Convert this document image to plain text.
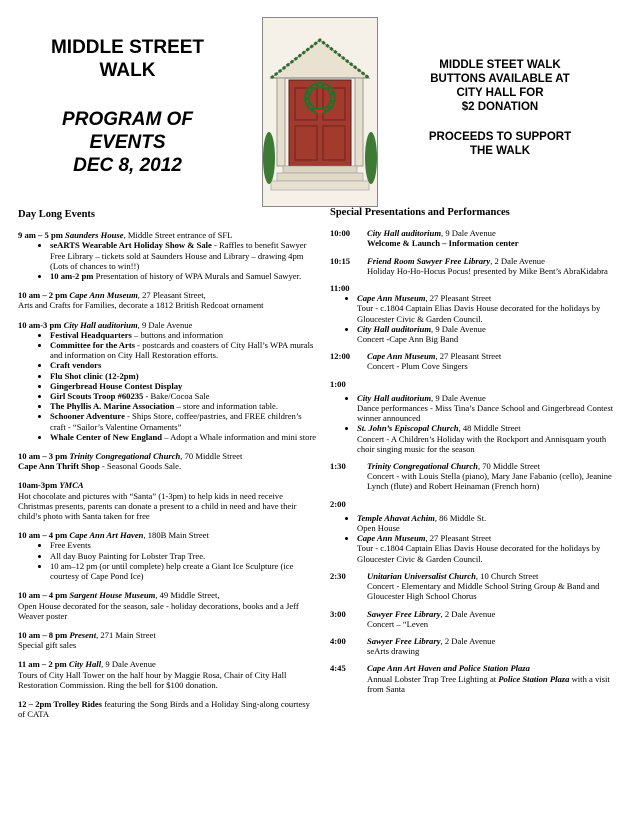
MIDDLE STREET
WALK
PROGRAM OF
EVENTS
DEC 8, 2012
MIDDLE STEET WALK
BUTTONS AVAILABLE AT
CITY HALL FOR
$2 DONATION
PROCEEDS TO SUPPORT
THE WALK
Day Long Events
9 am – 5 pm Saunders House, Middle Street entrance of SFL
• seARTS Wearable Art Holiday Show & Sale - Raffles to benefit Sawyer Free Library – tickets sold at Saunders House and Library – drawing 4pm (Lots of chances to win!!)
• 10 am-2 pm Presentation of history of WPA Murals and Samuel Sawyer.
10 am – 2 pm Cape Ann Museum, 27 Pleasant Street,
Arts and Crafts for Families, decorate a 1812 British Redcoat ornament
10 am-3 pm City Hall auditorium, 9 Dale Avenue
• Festival Headquarters – buttons and information
• Committee for the Arts - postcards and coasters of City Hall’s WPA murals and information on City Hall Restoration efforts.
• Craft vendors
• Flu Shot clinic (12-2pm)
• Gingerbread House Contest Display
• Girl Scouts Troop #60235 - Bake/Cocoa Sale
• The Phyllis A. Marine Association – store and information table.
• Schooner Adventure - Ships Store, coffee/pastries, and FREE children’s craft - “Sailor’s Valentine Ornaments”
• Whale Center of New England – Adopt a Whale information and mini store
10 am – 3 pm Trinity Congregational Church, 70 Middle Street
Cape Ann Thrift Shop - Seasonal Goods Sale.
10am-3pm YMCA
Hot chocolate and pictures with “Santa” (1-3pm) to help kids in need receive Christmas presents, parents can donate a present to a child in need and have their child’s photo with Santa taken for free
10 am – 4 pm Cape Ann Art Haven, 180B Main Street
• Free Events
• All day Buoy Painting for Lobster Trap Tree.
• 10 am–12 pm (or until complete) help create a Giant Ice Sculpture (ice courtesy of Cape Pond Ice)
10 am – 4 pm Sargent House Museum, 49 Middle Street,
Open House decorated for the season, sale - holiday decorations, books and a Jeff Weaver poster
10 am – 8 pm Present, 271 Main Street
Special gift sales
11 am – 2 pm City Hall, 9 Dale Avenue
Tours of City Hall Tower on the half hour by Maggie Rosa, Chair of City Hall Restoration Commission. Ring the bell for $100 donation.
12 – 2pm Trolley Rides featuring the Song Birds and a Holiday Sing-along courtesy of CATA
Special Presentations and Performances
10:00	City Hall auditorium, 9 Dale Avenue
Welcome & Launch – Information center
10:15	Friend Room Sawyer Free Library, 2 Dale Avenue
Holiday Ho-Ho-Hocus Pocus! presented by Mike Bent’s AbraKidabra
11:00
• Cape Ann Museum, 27 Pleasant Street
Tour - c.1804 Captain Elias Davis House decorated for the holidays by Gloucester Civic & Garden Council.
• City Hall auditorium, 9 Dale Avenue
Concert -Cape Ann Big Band
12:00	Cape Ann Museum, 27 Pleasant Street
Concert - Plum Cove Singers
1:00
• City Hall auditorium, 9 Dale Avenue
Dance performances - Miss Tina’s Dance School and Gingerbread Contest winner announced
• St. John’s Episcopal Church, 48 Middle Street
Concert - A Children’s Holiday with the Rockport and Annisquam youth choir singing music for the season
1:30	Trinity Congregational Church, 70 Middle Street
Concert - with Louis Stella (piano), Mary Jane Fabanio (cello), Jeanine Lynch (flute) and Robert Heinaman (French horn)
2:00
• Temple Ahavat Achim, 86 Middle St.
Open House
• Cape Ann Museum, 27 Pleasant Street
Tour - c.1804 Captain Elias Davis House decorated for the holidays by Gloucester Civic & Garden Council.
2:30	Unitarian Universalist Church, 10 Church Street
Concert - Elementary and Middle School String Group & Band and Gloucester High School Chorus
3:00	Sawyer Free Library, 2 Dale Avenue
Concert – “Leven
4:00	Sawyer Free Library, 2 Dale Avenue
seArts drawing
4:45	Cape Ann Art Haven and Police Station Plaza
Annual Lobster Trap Tree Lighting at Police Station Plaza with a visit from Santa
